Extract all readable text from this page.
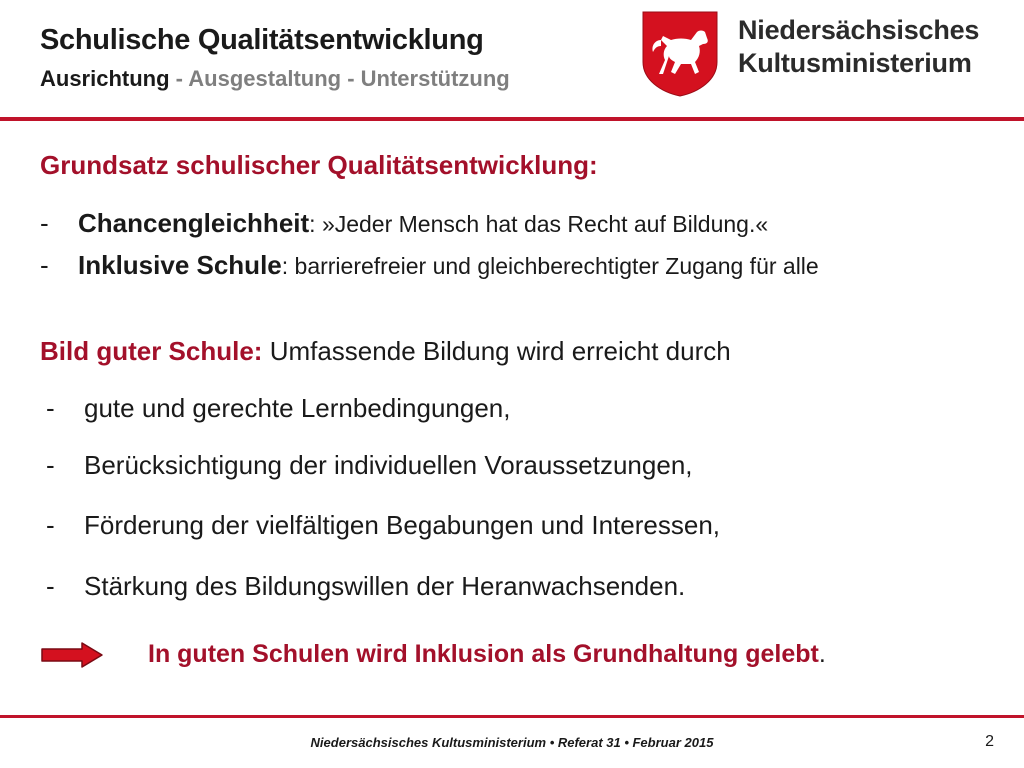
Schulische Qualitätsentwicklung
Ausrichtung - Ausgestaltung - Unterstützung
Niedersächsisches
Kultusministerium
Grundsatz schulischer Qualitätsentwicklung:
- Chancengleichheit: »Jeder Mensch hat das Recht auf Bildung.«
- Inklusive Schule: barrierefreier und gleichberechtigter Zugang für alle
Bild guter Schule: Umfassende Bildung wird erreicht durch
- gute und gerechte Lernbedingungen,
- Berücksichtigung der individuellen Voraussetzungen,
- Förderung der vielfältigen Begabungen und Interessen,
- Stärkung des Bildungswillen der Heranwachsenden.
In guten Schulen wird Inklusion als Grundhaltung gelebt.
Niedersächsisches Kultusministerium • Referat 31 • Februar 2015	2
